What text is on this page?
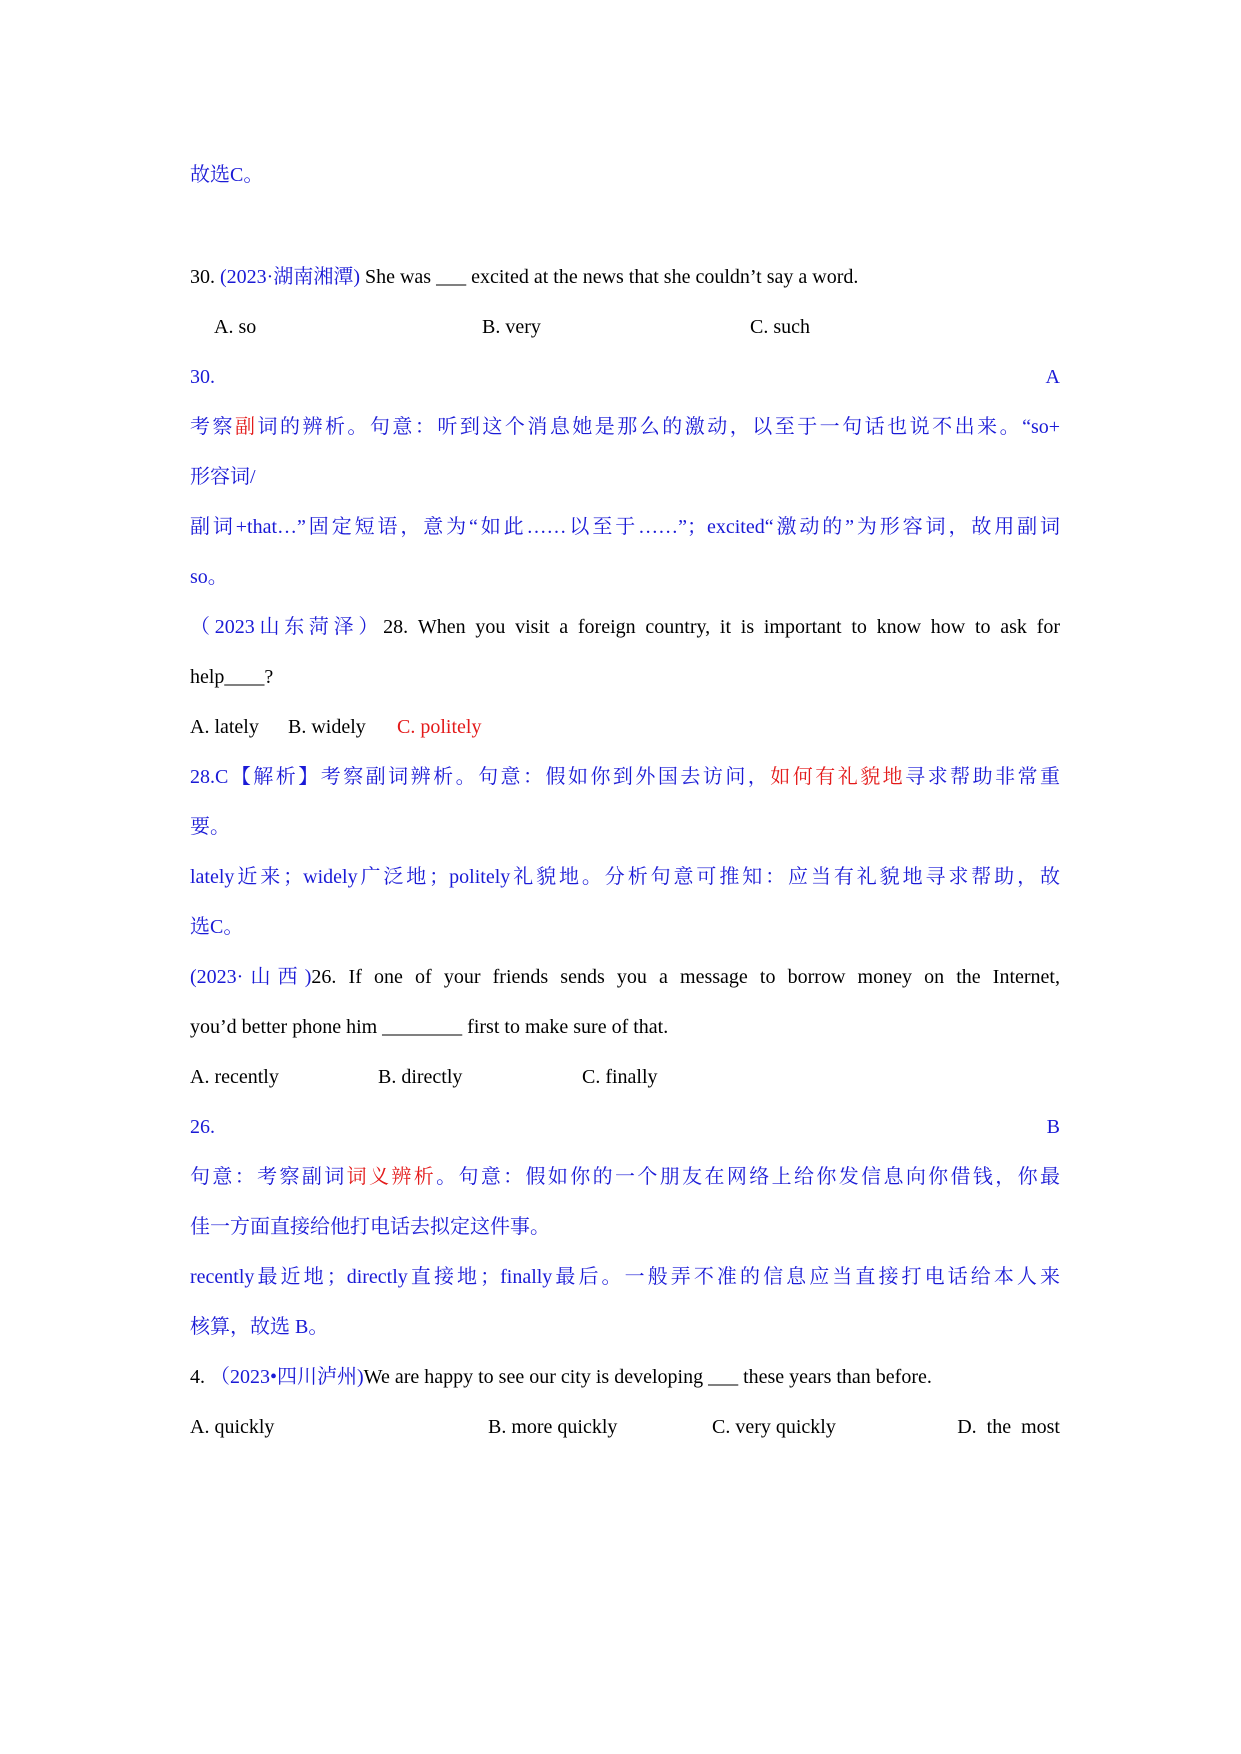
故选C。
30. (2023·湖南湘潭) She was ___ excited at the news that she couldn’t say a word.
A. so	B. very	C. such
30.	A
考察副词的辨析。句意：听到这个消息她是那么的激动，以至于一句话也说不出来。“so+
形容词/
副词+that…”固定短语，意为“如此……以至于……”；excited“激动的”为形容词，故用副词
so。
（2023山东菏泽）28. When you visit a foreign country, it is important to know how to ask for
help____?
A. lately B. widely C. politely
28.C【解析】考察副词辨析。句意：假如你到外国去访问，如何有礼貌地寻求帮助非常重
要。
lately近来；widely广泛地；politely礼貌地。分析句意可推知：应当有礼貌地寻求帮助，故
选C。
(2023·山西)26. If one of your friends sends you a message to borrow money on the Internet,
you’d better phone him ________ first to make sure of that.
A. recently	B. directly	C. finally
26.	B
句意：考察副词词义辨析。句意：假如你的一个朋友在网络上给你发信息向你借钱，你最
佳一方面直接给他打电话去拟定这件事。
recently最近地；directly直接地；finally最后。一般弄不准的信息应当直接打电话给本人来
核算，故选 B。
4. （2023•四川泸州)We are happy to see our city is developing ___ these years than before.
A. quickly	B. more quickly	C. very quickly	D.  the  most
